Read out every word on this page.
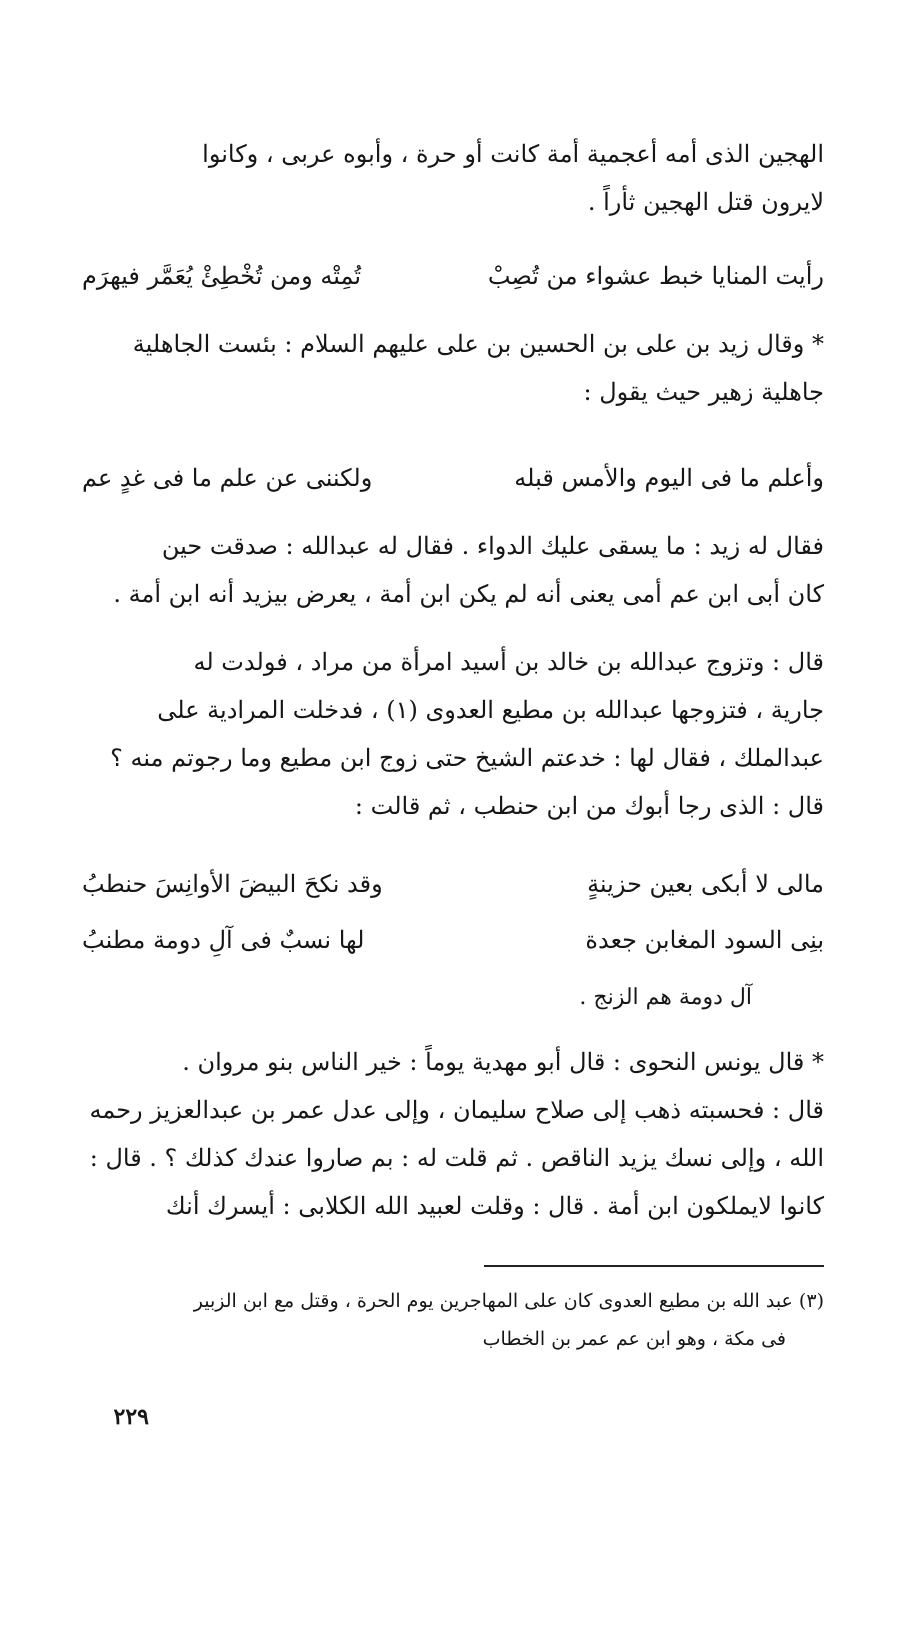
الهجين الذى أمه أعجمية أمة كانت أو حرة ، وأبوه عربى ، وكانوا

لايرون قتل الهجين ثأراً .

رأيت المنايا خبط عشواء من تُصِبْ
تُمِتْه ومن تُخْطِئْ يُعَمَّر فيهرَم

* وقال زيد بن على بن الحسين بن على عليهم السلام : بئست الجاهلية

جاهلية زهير حيث يقول :

وأعلم ما فى اليوم والأمس قبله
ولكننى عن علم ما فى غدٍ عم

فقال له زيد : ما يسقى عليك الدواء . فقال له عبدالله : صدقت حين

كان أبى ابن عم أمى يعنى أنه لم يكن ابن أمة ، يعرض بيزيد أنه ابن أمة .

قال : وتزوج عبدالله بن خالد بن أسيد امرأة من مراد ، فولدت له

جارية ، فتزوجها عبدالله بن مطيع العدوى (١) ، فدخلت المرادية على

عبدالملك ، فقال لها : خدعتم الشيخ حتى زوج ابن مطيع وما رجوتم منه ؟

قال : الذى رجا أبوك من ابن حنطب ، ثم قالت :

مالى لا أبكى بعين حزينةٍ
وقد نكحَ البيضَ الأوانِسَ حنطبُ
بنِى السود المغابن جعدة
لها نسبٌ فى آلِ دومة مطنبُ
آل دومة هم الزنج .

* قال يونس النحوى : قال أبو مهدية يوماً : خير الناس بنو مروان .

قال : فحسبته ذهب إلى صلاح سليمان ، وإلى عدل عمر بن عبدالعزيز رحمه

الله ، وإلى نسك يزيد الناقص . ثم قلت له : بم صاروا عندك كذلك ؟ . قال :

كانوا لايملكون ابن أمة . قال : وقلت لعبيد الله الكلابى : أيسرك أنك

(٣) عبد الله بن مطيع العدوى كان على المهاجرين يوم الحرة ، وقتل مع ابن الزبير

فى مكة ، وهو ابن عم عمر بن الخطاب

٢٢٩
